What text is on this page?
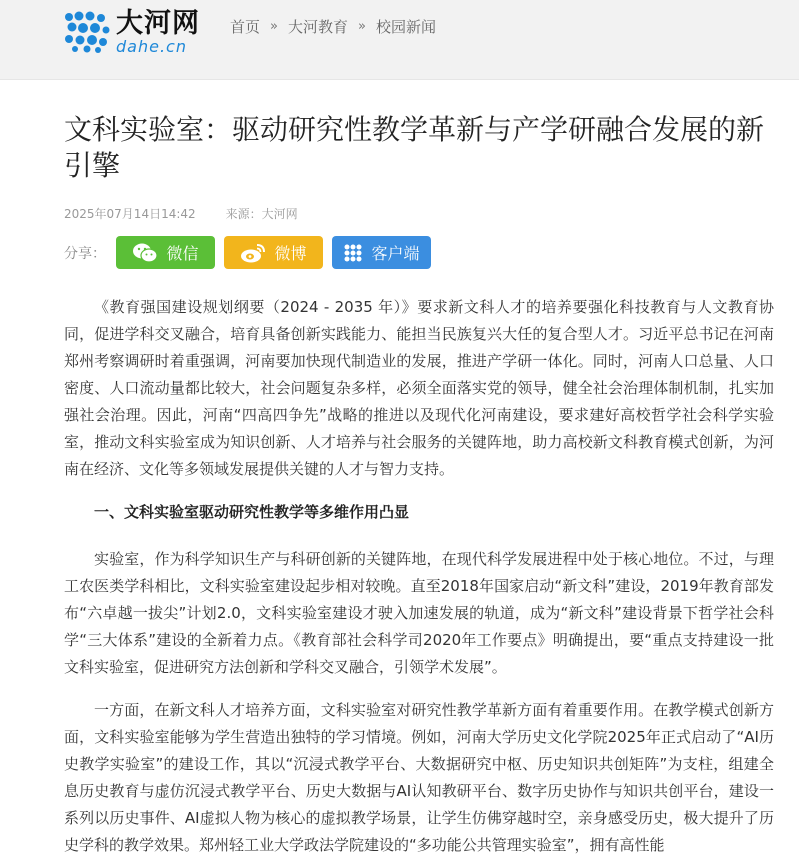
大河网
dahe.cn
首页 » 大河教育 » 校园新闻
文科实验室：驱动研究性教学革新与产学研融合发展的新引擎
2025年07月14日14:42	来源：大河网
分享：	微信	微博	客户端

《教育强国建设规划纲要（2024 - 2035 年）》要求新文科人才的培养要强化科技教育与人文教育协同，促进学科交叉融合，培育具备创新实践能力、能担当民族复兴大任的复合型人才。习近平总书记在河南郑州考察调研时着重强调，河南要加快现代制造业的发展，推进产学研一体化。同时，河南人口总量、人口密度、人口流动量都比较大，社会问题复杂多样，必须全面落实党的领导，健全社会治理体制机制，扎实加强社会治理。因此，河南“四高四争先”战略的推进以及现代化河南建设，要求建好高校哲学社会科学实验室，推动文科实验室成为知识创新、人才培养与社会服务的关键阵地，助力高校新文科教育模式创新，为河南在经济、文化等多领域发展提供关键的人才与智力支持。

一、文科实验室驱动研究性教学等多维作用凸显

实验室，作为科学知识生产与科研创新的关键阵地，在现代科学发展进程中处于核心地位。不过，与理工农医类学科相比，文科实验室建设起步相对较晚。直至2018年国家启动“新文科”建设，2019年教育部发布“六卓越一拔尖”计划2.0，文科实验室建设才驶入加速发展的轨道，成为“新文科”建设背景下哲学社会科学“三大体系”建设的全新着力点。《教育部社会科学司2020年工作要点》明确提出，要“重点支持建设一批文科实验室，促进研究方法创新和学科交叉融合，引领学术发展”。

一方面，在新文科人才培养方面，文科实验室对研究性教学革新方面有着重要作用。在教学模式创新方面，文科实验室能够为学生营造出独特的学习情境。例如，河南大学历史文化学院2025年正式启动了“AI历史教学实验室”的建设工作，其以“沉浸式教学平台、大数据研究中枢、历史知识共创矩阵”为支柱，组建全息历史教育与虚仿沉浸式教学平台、历史大数据与AI认知教研平台、数字历史协作与知识共创平台，建设一系列以历史事件、AI虚拟人物为核心的虚拟教学场景，让学生仿佛穿越时空，亲身感受历史，极大提升了历史学科的教学效果。郑州轻工业大学政法学院建设的“多功能公共管理实验室”，拥有高性能
